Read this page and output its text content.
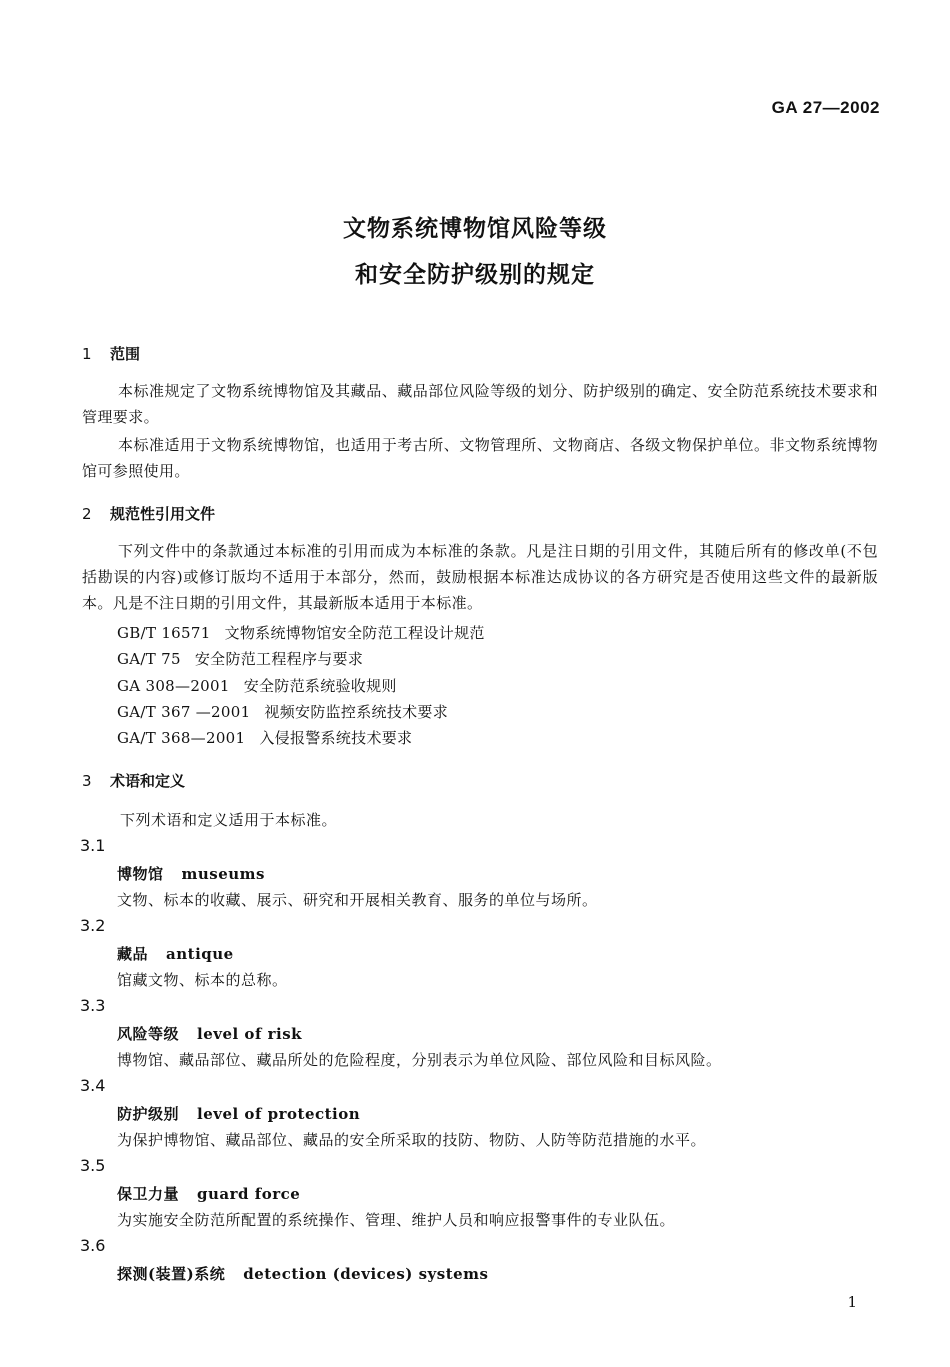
GA 27—2002
文物系统博物馆风险等级
和安全防护级别的规定
1 范围
本标准规定了文物系统博物馆及其藏品、藏品部位风险等级的划分、防护级别的确定、安全防范系统技术要求和管理要求。
本标准适用于文物系统博物馆，也适用于考古所、文物管理所、文物商店、各级文物保护单位。非文物系统博物馆可参照使用。
2 规范性引用文件
下列文件中的条款通过本标准的引用而成为本标准的条款。凡是注日期的引用文件，其随后所有的修改单(不包括勘误的内容)或修订版均不适用于本部分，然而，鼓励根据本标准达成协议的各方研究是否使用这些文件的最新版本。凡是不注日期的引用文件，其最新版本适用于本标准。
GB/T 16571 文物系统博物馆安全防范工程设计规范
GA/T 75 安全防范工程程序与要求
GA 308—2001 安全防范系统验收规则
GA/T 367 —2001 视频安防监控系统技术要求
GA/T 368—2001 入侵报警系统技术要求
3 术语和定义
下列术语和定义适用于本标准。
3.1
博物馆 museums
文物、标本的收藏、展示、研究和开展相关教育、服务的单位与场所。
3.2
藏品 antique
馆藏文物、标本的总称。
3.3
风险等级 level of risk
博物馆、藏品部位、藏品所处的危险程度，分别表示为单位风险、部位风险和目标风险。
3.4
防护级别 level of protection
为保护博物馆、藏品部位、藏品的安全所采取的技防、物防、人防等防范措施的水平。
3.5
保卫力量 guard force
为实施安全防范所配置的系统操作、管理、维护人员和响应报警事件的专业队伍。
3.6
探测(装置)系统 detection (devices) systems
1
